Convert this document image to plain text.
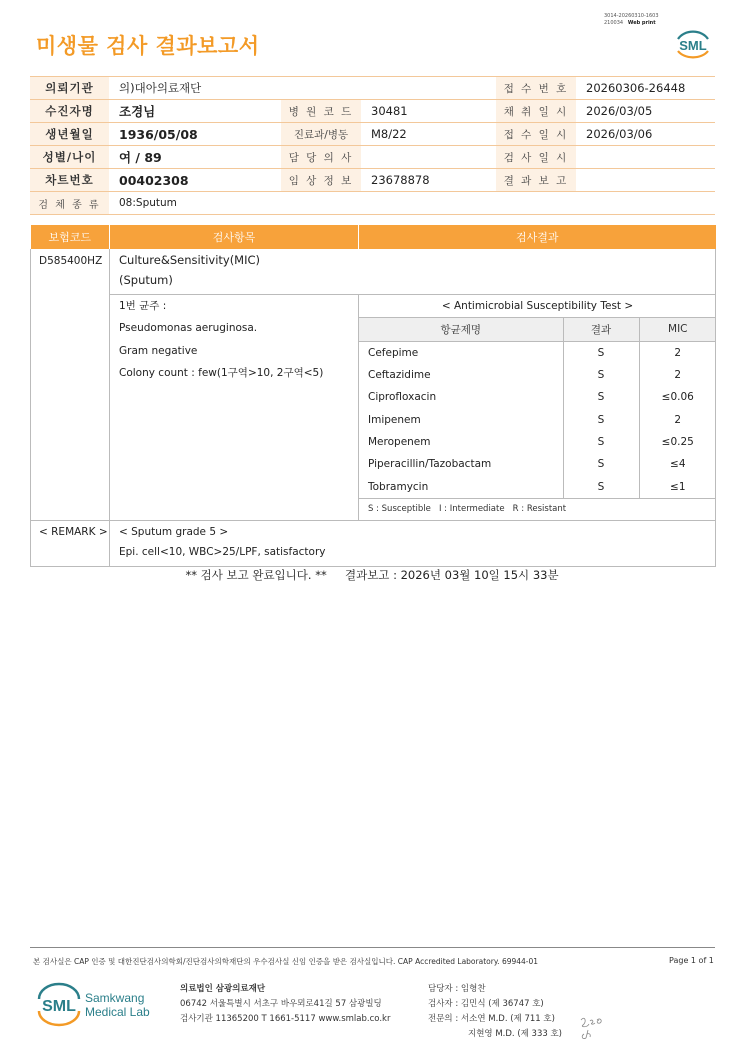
미생물 검사 결과보고서
3014-20260310-1603
210034 Web print
SML
의뢰기관	의)대아의료재단			접 수 번 호	20260306-26448
수진자명	조경님	병 원 코 드	30481	채 취 일 시	2026/03/05
생년월일	1936/05/08	진료과/병동	M8/22	접 수 일 시	2026/03/06
성별/나이	여 / 89	담 당 의 사		검 사 일 시	
차트번호	00402308	임 상 정 보	23678878	결 과 보 고	
검 체 종 류	08:Sputum				
보험코드	검사항목	검사결과
D585400HZ	Culture&Sensitivity(MIC)
(Sputum)

1번 균주 :
Pseudomonas aeruginosa.
Gram negative
Colony count : few(1구역>10, 2구역<5)

< Antimicrobial Susceptibility Test >
항균제명	결과	MIC
Cefepime	S	2
Ceftazidime	S	2
Ciprofloxacin	S	≤0.06
Imipenem	S	2
Meropenem	S	≤0.25
Piperacillin/Tazobactam	S	≤4
Tobramycin	S	≤1
S : Susceptible   I : Intermediate   R : Resistant

< REMARK >	< Sputum grade 5 >
Epi. cell<10, WBC>25/LPF, satisfactory
** 검사 보고 완료입니다. **     결과보고 : 2026년 03월 10일 15시 33분
본 검사실은 CAP 인증 및 대한진단검사의학회/진단검사의학재단의 우수검사실 신임 인증을 받은 검사실입니다. CAP Accredited Laboratory. 69944-01	Page 1 of 1
SML Samkwang
Medical Lab
의료법인 삼광의료재단
06742 서울특별시 서초구 바우뫼로41길 57 삼광빌딩
검사기관 11365200 T 1661-5117 www.smlab.co.kr
담당자 : 임형찬
검사자 : 김민식 (제 36747 호)
전문의 : 서소연 M.D. (제 711 호)
지현영 M.D. (제 333 호)
